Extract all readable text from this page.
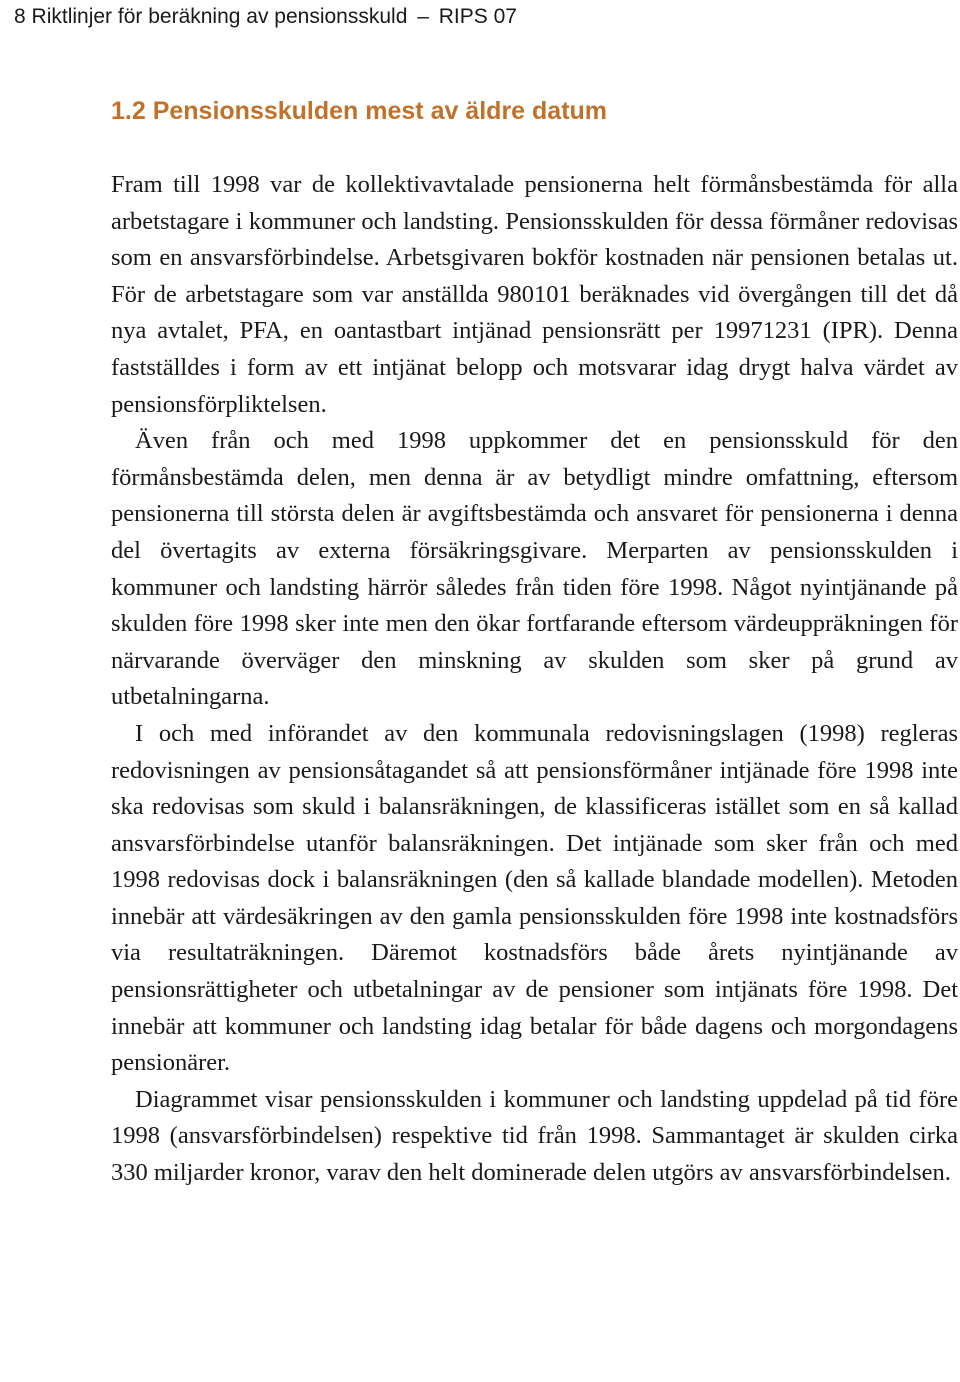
8 Riktlinjer för beräkning av pensionsskuld – RIPS 07
1.2 Pensionsskulden mest av äldre datum

Fram till 1998 var de kollektivavtalade pensionerna helt förmånsbestämda för alla arbetstagare i kommuner och landsting. Pensionsskulden för dessa förmåner redovisas som en ansvarsförbindelse. Arbetsgivaren bokför kostnaden när pensionen betalas ut. För de arbetstagare som var anställda 980101 beräknades vid övergången till det då nya avtalet, PFA, en oantastbart intjänad pensionsrätt per 19971231 (IPR). Denna fastställdes i form av ett intjänat belopp och motsvarar idag drygt halva värdet av pensionsförpliktelsen.

Även från och med 1998 uppkommer det en pensionsskuld för den förmånsbestämda delen, men denna är av betydligt mindre omfattning, eftersom pensionerna till största delen är avgiftsbestämda och ansvaret för pensionerna i denna del övertagits av externa försäkringsgivare. Merparten av pensionsskulden i kommuner och landsting härrör således från tiden före 1998. Något nyintjänande på skulden före 1998 sker inte men den ökar fortfarande eftersom värdeuppräkningen för närvarande överväger den minskning av skulden som sker på grund av utbetalningarna.

I och med införandet av den kommunala redovisningslagen (1998) regleras redovisningen av pensionsåtagandet så att pensionsförmåner intjänade före 1998 inte ska redovisas som skuld i balansräkningen, de klassificeras istället som en så kallad ansvarsförbindelse utanför balansräkningen. Det intjänade som sker från och med 1998 redovisas dock i balansräkningen (den så kallade blandade modellen). Metoden innebär att värdesäkringen av den gamla pensionsskulden före 1998 inte kostnadsförs via resultaträkningen. Däremot kostnadsförs både årets nyintjänande av pensionsrättigheter och utbetalningar av de pensioner som intjänats före 1998. Det innebär att kommuner och landsting idag betalar för både dagens och morgondagens pensionärer.

Diagrammet visar pensionsskulden i kommuner och landsting uppdelad på tid före 1998 (ansvarsförbindelsen) respektive tid från 1998. Sammantaget är skulden cirka 330 miljarder kronor, varav den helt dominerade delen utgörs av ansvarsförbindelsen.
